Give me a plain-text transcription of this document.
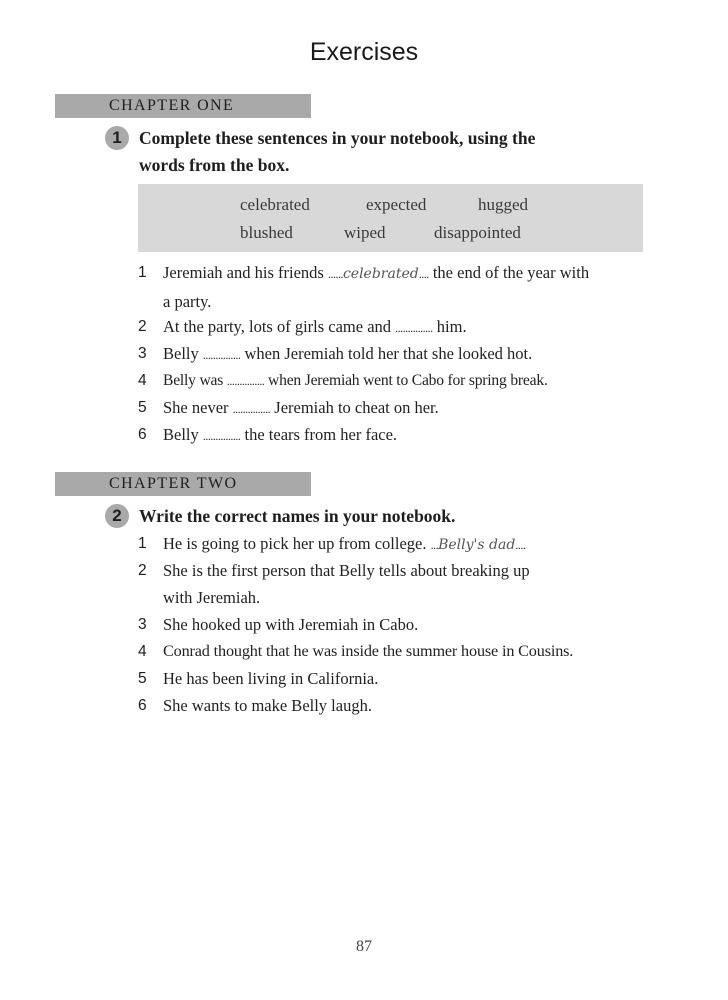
Exercises
CHAPTER ONE
1 Complete these sentences in your notebook, using the
words from the box.
celebrated	expected	hugged
blushed	wiped	disappointed
1 Jeremiah and his friends ......celebrated.... the end of the year with
a party.
2 At the party, lots of girls came and ............... him.
3 Belly ............... when Jeremiah told her that she looked hot.
4 Belly was ............... when Jeremiah went to Cabo for spring break.
5 She never ............... Jeremiah to cheat on her.
6 Belly ............... the tears from her face.
CHAPTER TWO
2 Write the correct names in your notebook.
1 He is going to pick her up from college. ...Belly's dad....
2 She is the first person that Belly tells about breaking up
with Jeremiah.
3 She hooked up with Jeremiah in Cabo.
4 Conrad thought that he was inside the summer house in Cousins.
5 He has been living in California.
6 She wants to make Belly laugh.
87
